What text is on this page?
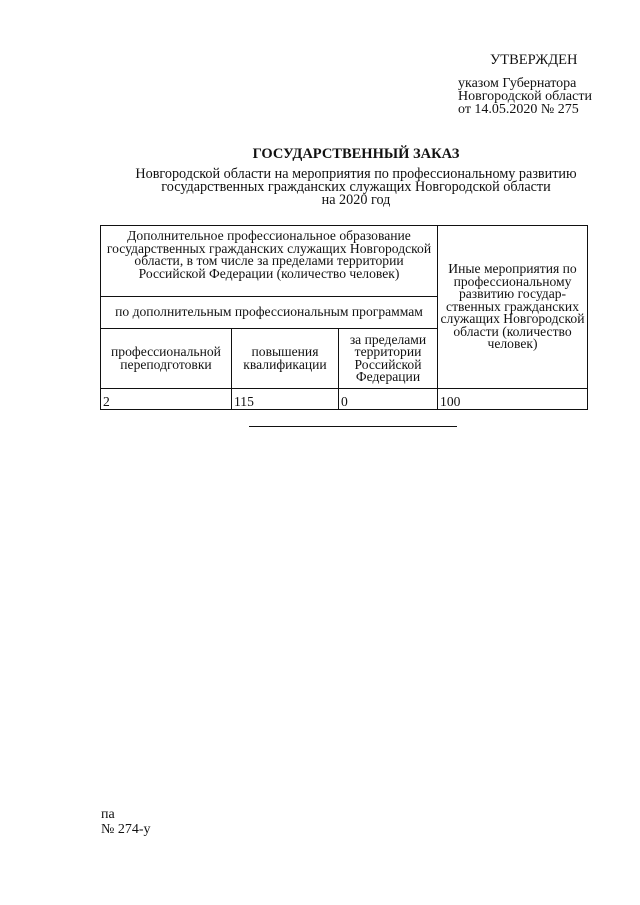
УТВЕРЖДЕН
указом Губернатора
Новгородской области
от 14.05.2020 № 275
ГОСУДАРСТВЕННЫЙ ЗАКАЗ
Новгородской области на мероприятия по профессиональному развитию
государственных гражданских служащих Новгородской области
на 2020 год
Дополнительное профессиональное образование государственных гражданских служащих Новгородской области, в том числе за пределами территории Российской Федерации (количество человек)			Иные мероприятия по профессиональному развитию государственных гражданских служащих Новгородской области (количество человек)
по дополнительным профессиональным программам			
профессиональной переподготовки	повышения квалификации	за пределами территории Российской Федерации	
2	115	0	100
па
№ 274-у
